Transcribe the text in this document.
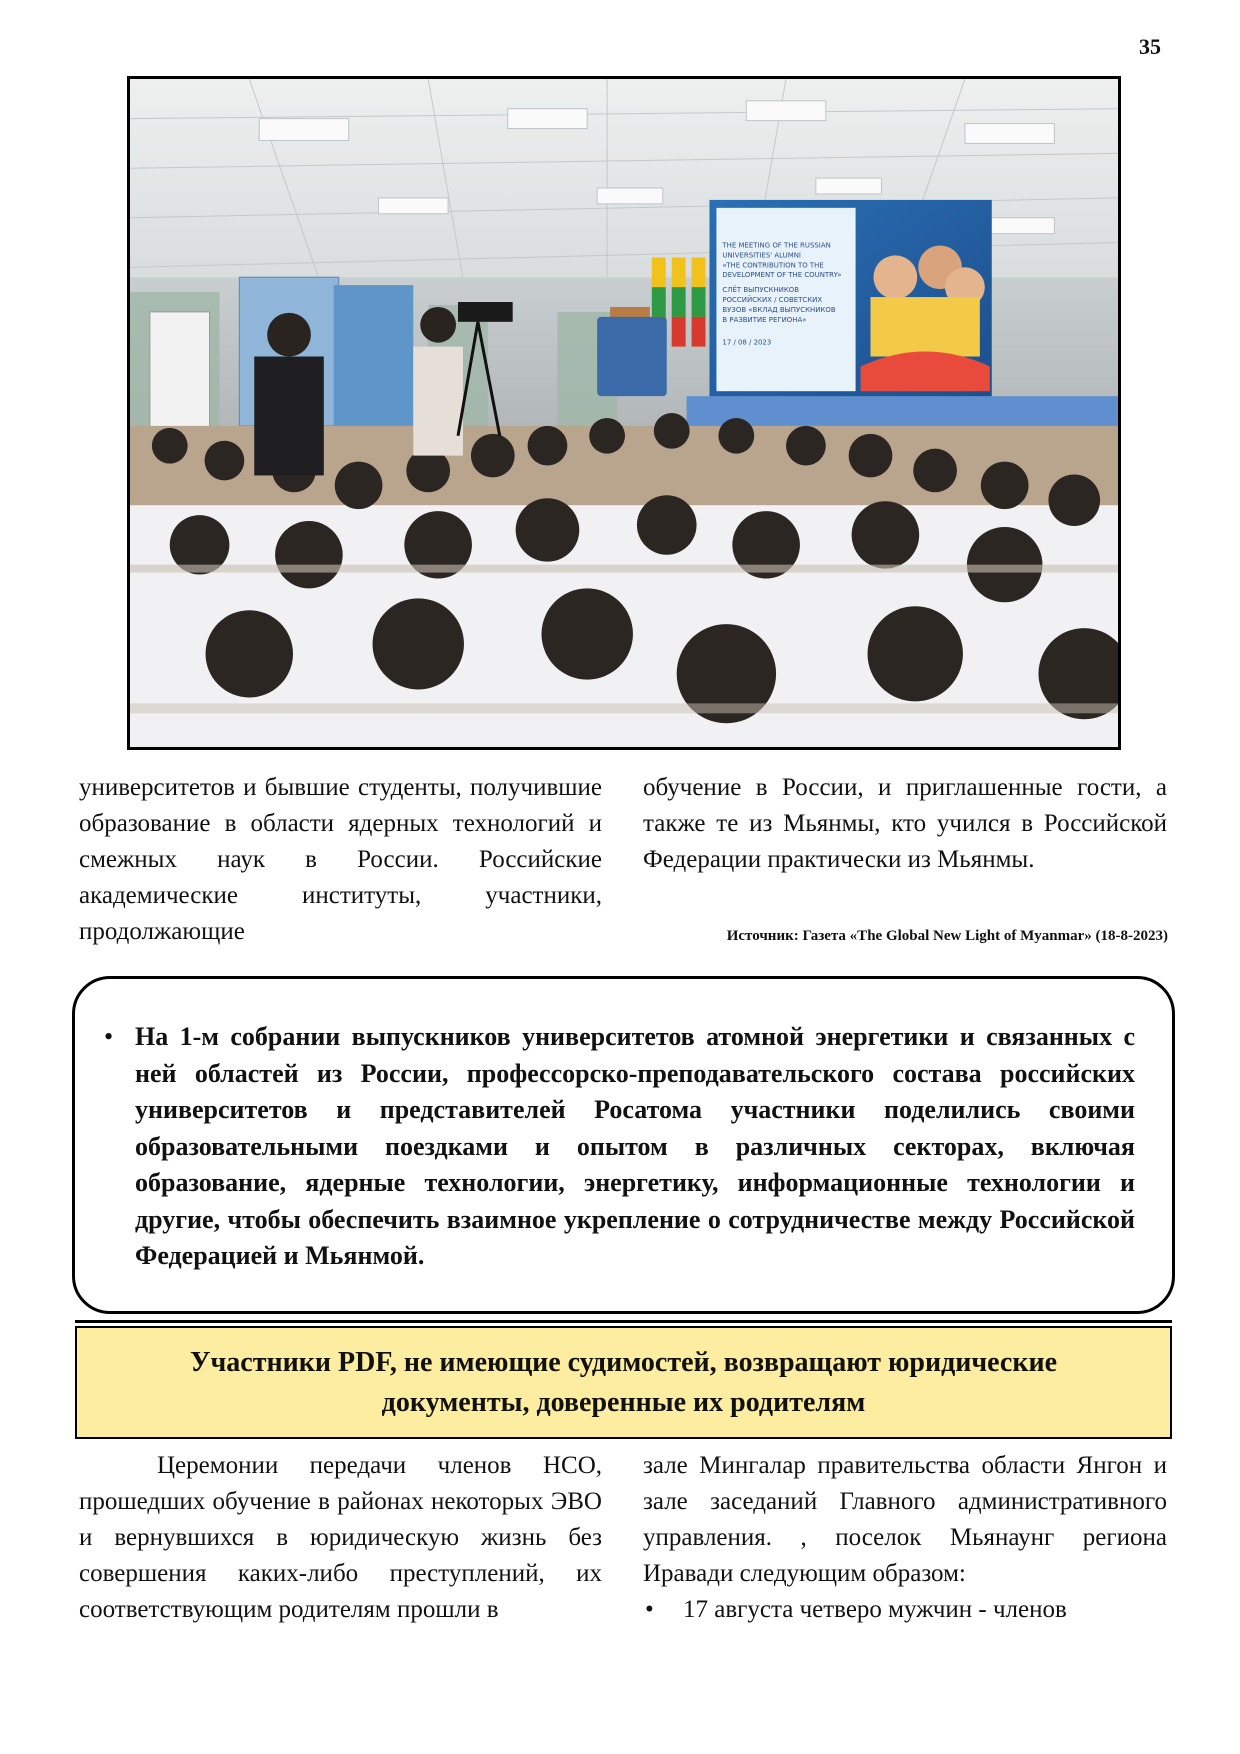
35
THE MEETING OF THE RUSSIAN
UNIVERSITIES' ALUMNI
«THE CONTRIBUTION TO THE
DEVELOPMENT OF THE COUNTRY»
СЛЁТ ВЫПУСКНИКОВ
РОССИЙСКИХ / СОВЕТСКИХ
ВУЗОВ «ВКЛАД ВЫПУСКНИКОВ
В РАЗВИТИЕ РЕГИОНА»
17 / 08 / 2023

университетов и бывшие студенты, получившие образование в области ядерных технологий и смежных наук в России. Российские академические институты, участники, продолжающие

обучение в России, и приглашенные гости, а также те из Мьянмы, кто учился в Российской Федерации практически из Мьянмы.

Источник: Газета «The Global New Light of Myanmar» (18-8-2023)
• На 1-м собрании выпускников университетов атомной энергетики и связанных с ней областей из России, профессорско-преподавательского состава российских университетов и представителей Росатома участники поделились своими образовательными поездками и опытом в различных секторах, включая образование, ядерные технологии, энергетику, информационные технологии и другие, чтобы обеспечить взаимное укрепление о сотрудничестве между Российской Федерацией и Мьянмой.
Участники PDF, не имеющие судимостей, возвращают юридические документы, доверенные их родителям

Церемонии передачи членов НСО, прошедших обучение в районах некоторых ЭВО и вернувшихся в юридическую жизнь без совершения каких-либо преступлений, их соответствующим родителям прошли в

зале Мингалар правительства области Янгон и зале заседаний Главного административного управления. , поселок Мьянаунг региона Иравади следующим образом:

• 17 августа четверо мужчин - членов
